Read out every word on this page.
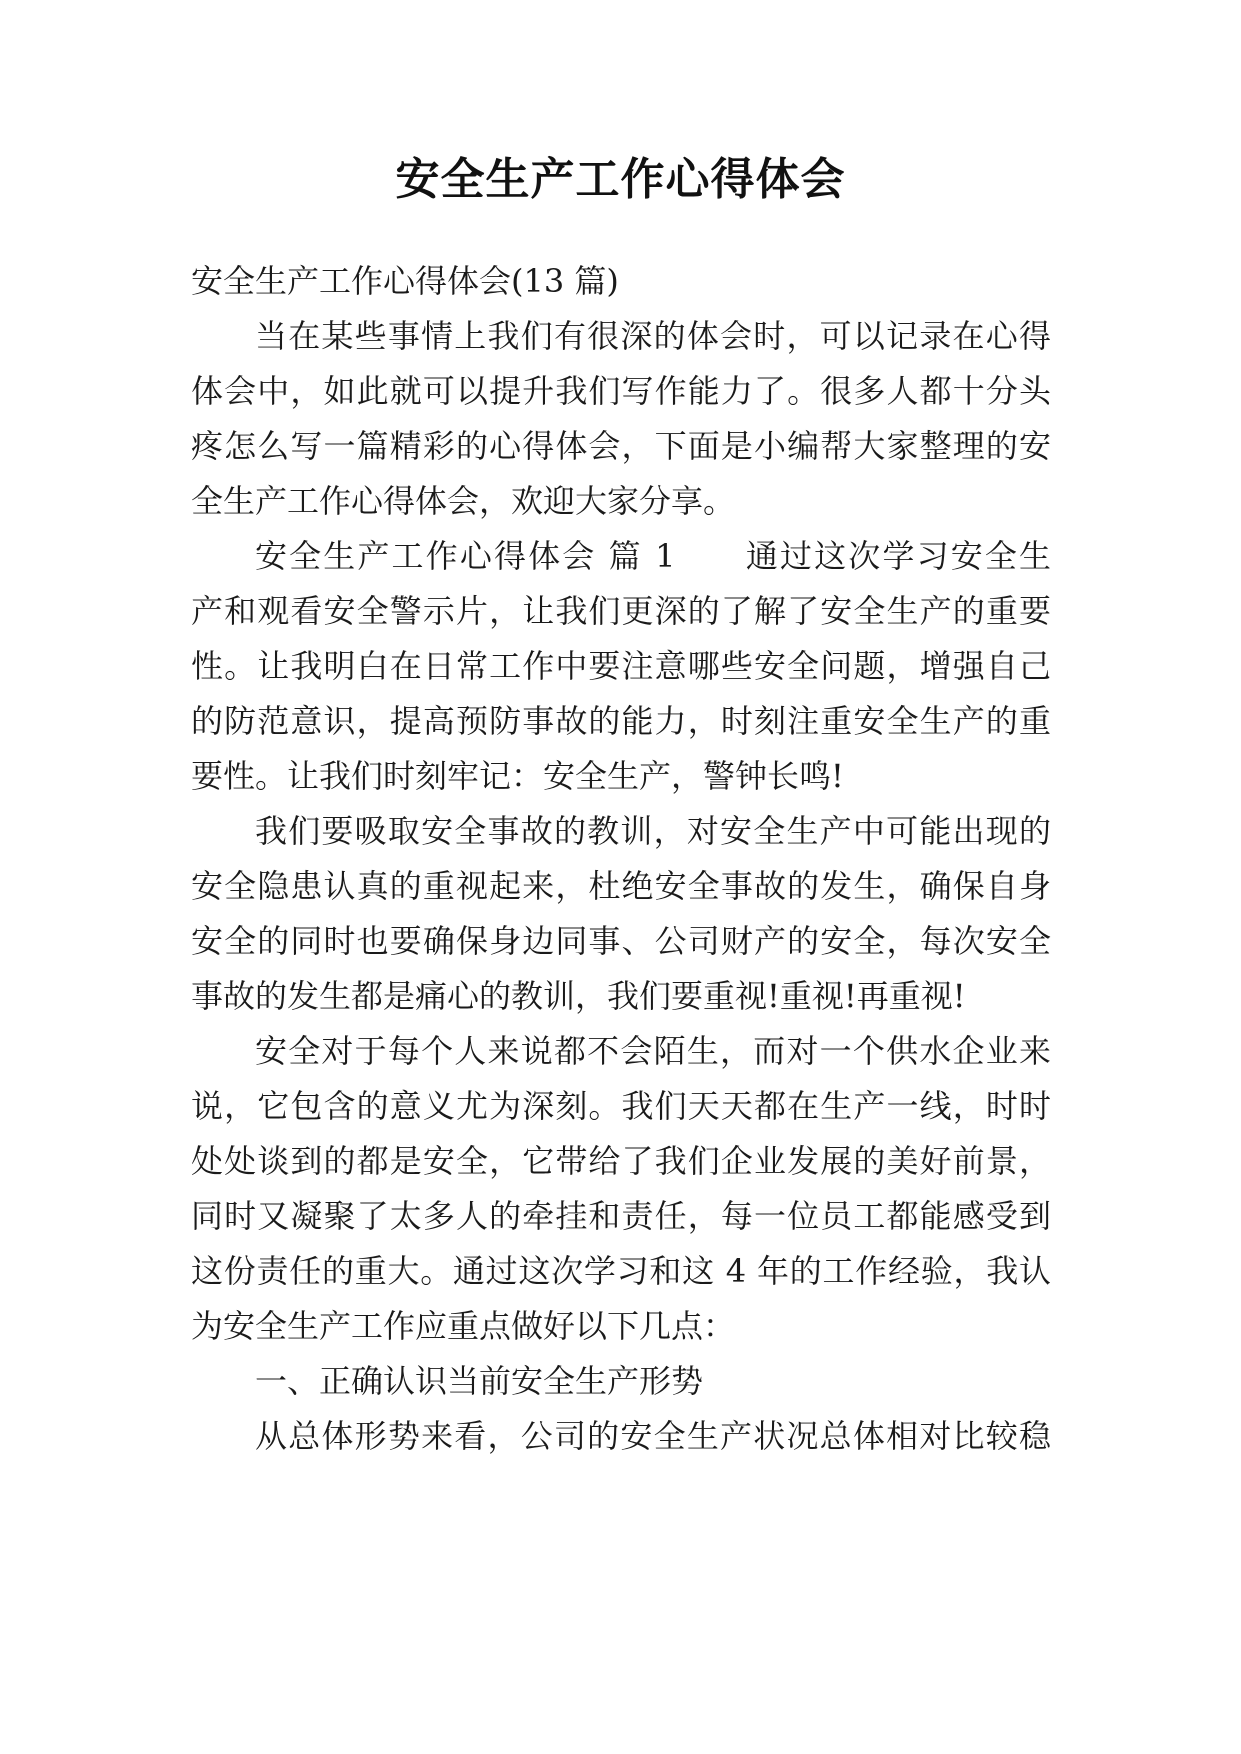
安全生产工作心得体会
安全生产工作心得体会(13 篇)
当在某些事情上我们有很深的体会时，可以记录在心得
体会中，如此就可以提升我们写作能力了。很多人都十分头
疼怎么写一篇精彩的心得体会，下面是小编帮大家整理的安
全生产工作心得体会，欢迎大家分享。
安全生产工作心得体会 篇 1　　通过这次学习安全生
产和观看安全警示片，让我们更深的了解了安全生产的重要
性。让我明白在日常工作中要注意哪些安全问题，增强自己
的防范意识，提高预防事故的能力，时刻注重安全生产的重
要性。让我们时刻牢记：安全生产，警钟长鸣!
我们要吸取安全事故的教训，对安全生产中可能出现的
安全隐患认真的重视起来，杜绝安全事故的发生，确保自身
安全的同时也要确保身边同事、公司财产的安全，每次安全
事故的发生都是痛心的教训，我们要重视!重视!再重视!
安全对于每个人来说都不会陌生，而对一个供水企业来
说，它包含的意义尤为深刻。我们天天都在生产一线，时时
处处谈到的都是安全，它带给了我们企业发展的美好前景，
同时又凝聚了太多人的牵挂和责任，每一位员工都能感受到
这份责任的重大。通过这次学习和这 4 年的工作经验，我认
为安全生产工作应重点做好以下几点：
一、正确认识当前安全生产形势
从总体形势来看，公司的安全生产状况总体相对比较稳
